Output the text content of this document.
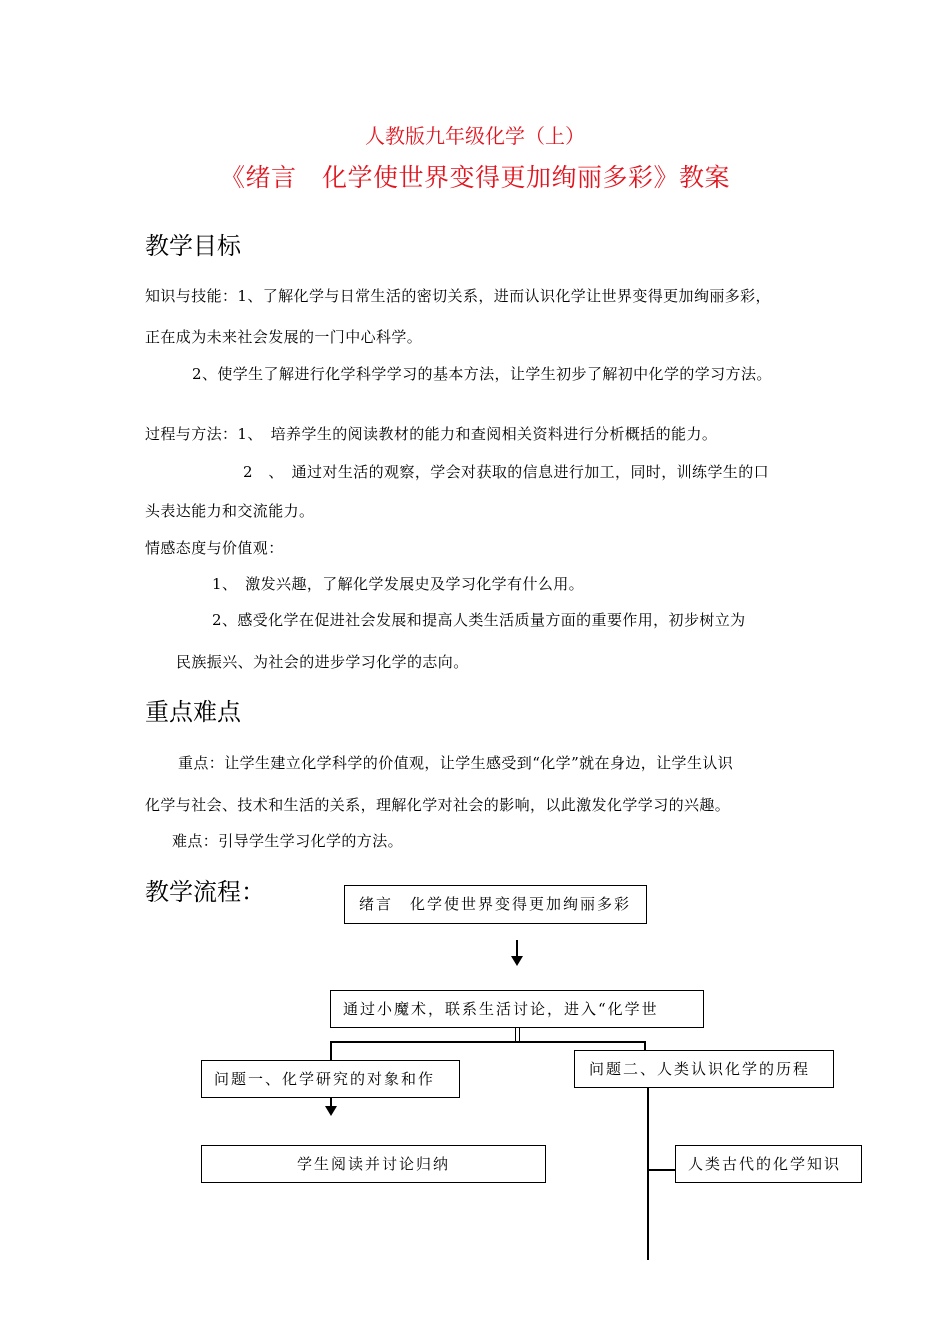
人教版九年级化学（上）
《绪言　化学使世界变得更加绚丽多彩》教案
教学目标
知识与技能：1、了解化学与日常生活的密切关系，进而认识化学让世界变得更加绚丽多彩，
正在成为未来社会发展的一门中心科学。
2、使学生了解进行化学科学学习的基本方法，让学生初步了解初中化学的学习方法。
过程与方法：1、　培养学生的阅读教材的能力和查阅相关资料进行分析概括的能力。
2　、　通过对生活的观察，学会对获取的信息进行加工，同时，训练学生的口
头表达能力和交流能力。
情感态度与价值观：
1、　激发兴趣，了解化学发展史及学习化学有什么用。
2、感受化学在促进社会发展和提高人类生活质量方面的重要作用，初步树立为
民族振兴、为社会的进步学习化学的志向。
重点难点
重点：让学生建立化学科学的价值观，让学生感受到“化学”就在身边，让学生认识
化学与社会、技术和生活的关系，理解化学对社会的影响，以此激发化学学习的兴趣。
难点：引导学生学习化学的方法。
教学流程：	绪言　化学使世界变得更加绚丽多彩
通过小魔术，联系生活讨论，进入“化学世
问题一、化学研究的对象和作
问题二、人类认识化学的历程
学生阅读并讨论归纳	人类古代的化学知识
